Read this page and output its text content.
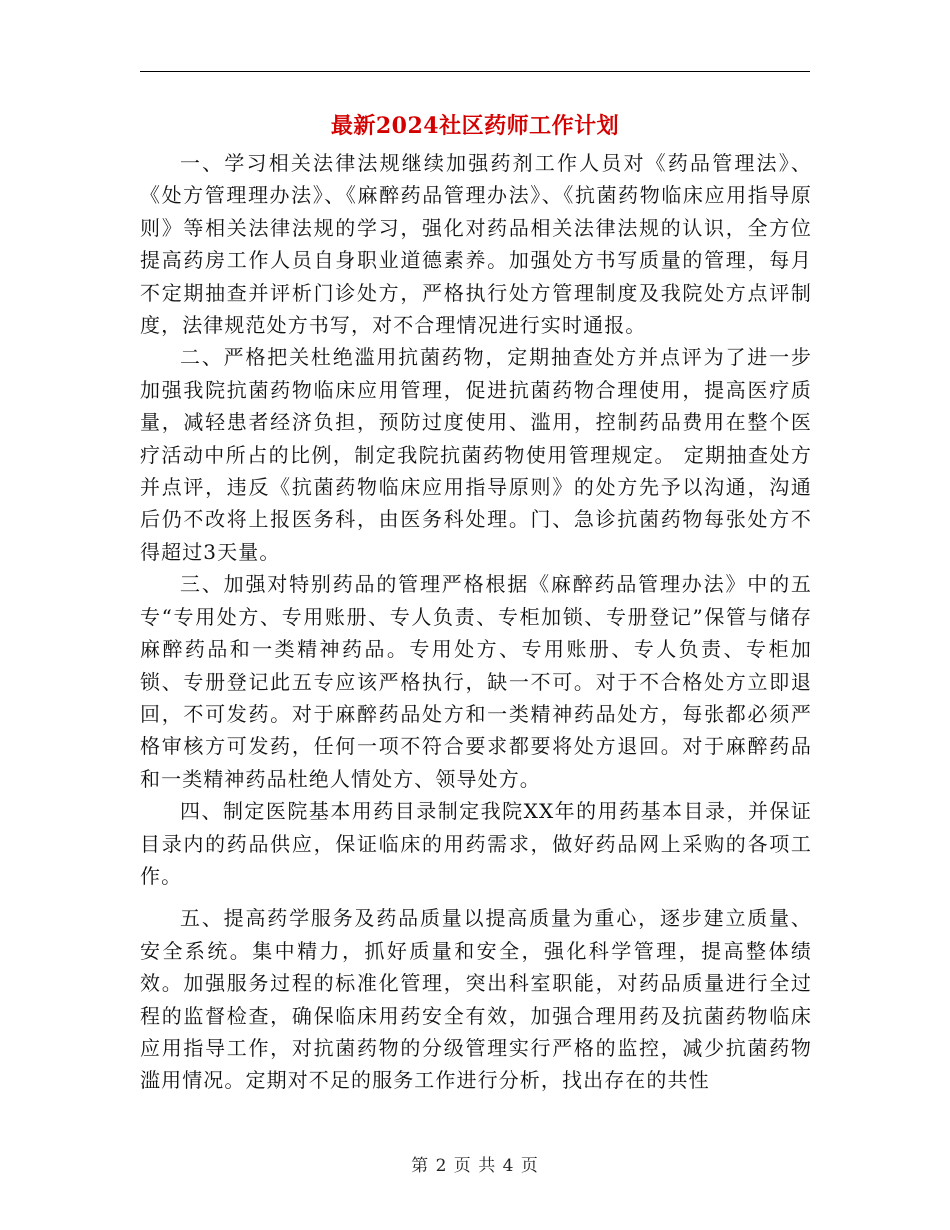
最新2024社区药师工作计划

一、学习相关法律法规继续加强药剂工作人员对《药品管理法》、《处方管理理办法》、《麻醉药品管理办法》、《抗菌药物临床应用指导原则》等相关法律法规的学习，强化对药品相关法律法规的认识，全方位提高药房工作人员自身职业道德素养。加强处方书写质量的管理，每月不定期抽查并评析门诊处方，严格执行处方管理制度及我院处方点评制度，法律规范处方书写，对不合理情况进行实时通报。

二、严格把关杜绝滥用抗菌药物，定期抽查处方并点评为了进一步加强我院抗菌药物临床应用管理，促进抗菌药物合理使用，提高医疗质量，减轻患者经济负担，预防过度使用、滥用，控制药品费用在整个医疗活动中所占的比例，制定我院抗菌药物使用管理规定。 定期抽查处方并点评，违反《抗菌药物临床应用指导原则》的处方先予以沟通，沟通后仍不改将上报医务科，由医务科处理。门、急诊抗菌药物每张处方不得超过3天量。

三、加强对特别药品的管理严格根据《麻醉药品管理办法》中的五专“专用处方、专用账册、专人负责、专柜加锁、专册登记”保管与储存麻醉药品和一类精神药品。专用处方、专用账册、专人负责、专柜加锁、专册登记此五专应该严格执行，缺一不可。对于不合格处方立即退回，不可发药。对于麻醉药品处方和一类精神药品处方，每张都必须严格审核方可发药，任何一项不符合要求都要将处方退回。对于麻醉药品和一类精神药品杜绝人情处方、领导处方。

四、制定医院基本用药目录制定我院XX年的用药基本目录，并保证目录内的药品供应，保证临床的用药需求，做好药品网上采购的各项工作。

五、提高药学服务及药品质量以提高质量为重心，逐步建立质量、安全系统。集中精力，抓好质量和安全，强化科学管理，提高整体绩效。加强服务过程的标准化管理，突出科室职能，对药品质量进行全过程的监督检查，确保临床用药安全有效，加强合理用药及抗菌药物临床应用指导工作，对抗菌药物的分级管理实行严格的监控，减少抗菌药物滥用情况。定期对不足的服务工作进行分析，找出存在的共性

第 2 页 共 4 页
